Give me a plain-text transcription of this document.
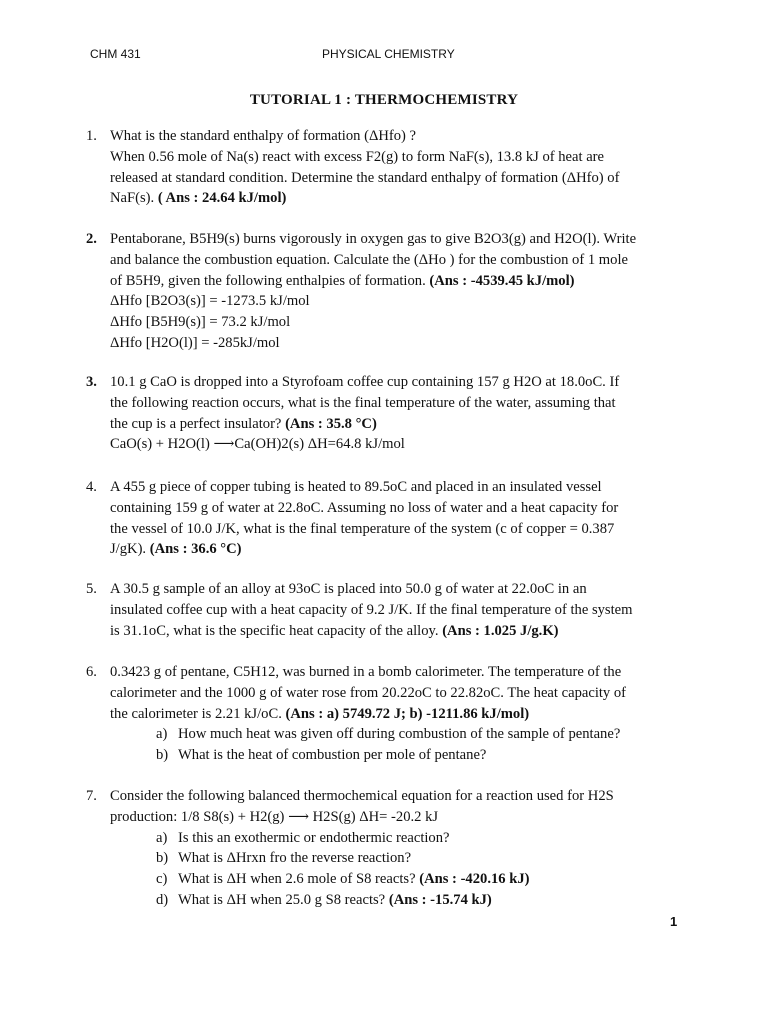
CHM 431	PHYSICAL CHEMISTRY
TUTORIAL 1 : THERMOCHEMISTRY
1. What is the standard enthalpy of formation (ΔHfo) ?
When 0.56 mole of Na(s) react with excess F2(g) to form NaF(s), 13.8 kJ of heat are
released at standard condition. Determine the standard enthalpy of formation (ΔHfo) of
NaF(s). ( Ans : 24.64 kJ/mol)
2. Pentaborane, B5H9(s) burns vigorously in oxygen gas to give B2O3(g) and H2O(l). Write
and balance the combustion equation. Calculate the (ΔHo ) for the combustion of 1 mole
of B5H9, given the following enthalpies of formation. (Ans : -4539.45 kJ/mol)
ΔHfo [B2O3(s)] = -1273.5 kJ/mol
ΔHfo [B5H9(s)] = 73.2 kJ/mol
ΔHfo [H2O(l)] = -285kJ/mol
3. 10.1 g CaO is dropped into a Styrofoam coffee cup containing 157 g H2O at 18.0oC. If
the following reaction occurs, what is the final temperature of the water, assuming that
the cup is a perfect insulator? (Ans : 35.8 °C)
CaO(s) + H2O(l) ⟶Ca(OH)2(s) ΔH=64.8 kJ/mol
4. A 455 g piece of copper tubing is heated to 89.5oC and placed in an insulated vessel
containing 159 g of water at 22.8oC. Assuming no loss of water and a heat capacity for
the vessel of 10.0 J/K, what is the final temperature of the system (c of copper = 0.387
J/gK). (Ans : 36.6 °C)
5. A 30.5 g sample of an alloy at 93oC is placed into 50.0 g of water at 22.0oC in an
insulated coffee cup with a heat capacity of 9.2 J/K. If the final temperature of the system
is 31.1oC, what is the specific heat capacity of the alloy. (Ans : 1.025 J/g.K)
6. 0.3423 g of pentane, C5H12, was burned in a bomb calorimeter. The temperature of the
calorimeter and the 1000 g of water rose from 20.22oC to 22.82oC. The heat capacity of
the calorimeter is 2.21 kJ/oC. (Ans : a) 5749.72 J; b) -1211.86 kJ/mol)
a) How much heat was given off during combustion of the sample of pentane?
b) What is the heat of combustion per mole of pentane?
7. Consider the following balanced thermochemical equation for a reaction used for H2S
production: 1/8 S8(s) + H2(g) ⟶ H2S(g) ΔH= -20.2 kJ
a) Is this an exothermic or endothermic reaction?
b) What is ΔHrxn fro the reverse reaction?
c) What is ΔH when 2.6 mole of S8 reacts? (Ans : -420.16 kJ)
d) What is ΔH when 25.0 g S8 reacts? (Ans : -15.74 kJ)
1
